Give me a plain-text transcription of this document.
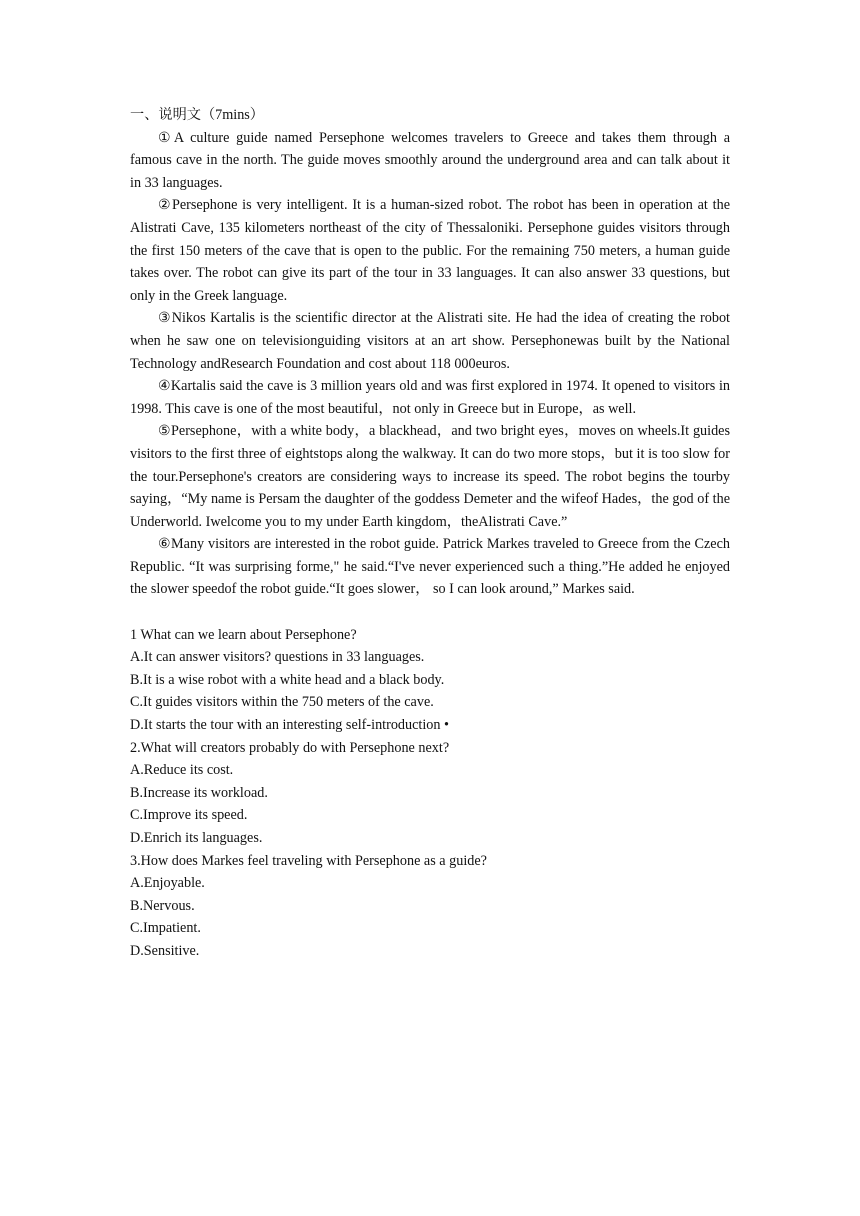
一、说明文（7mins）

①A culture guide named Persephone welcomes travelers to Greece and takes them through a famous cave in the north. The guide moves smoothly around the underground area and can talk about it in 33 languages.

②Persephone is very intelligent. It is a human-sized robot. The robot has been in operation at the Alistrati Cave, 135 kilometers northeast of the city of Thessaloniki. Persephone guides visitors through the first 150 meters of the cave that is open to the public. For the remaining 750 meters, a human guide takes over. The robot can give its part of the tour in 33 languages. It can also answer 33 questions, but only in the Greek language.

③Nikos Kartalis is the scientific director at the Alistrati site. He had the idea of creating the robot when he saw one on televisionguiding visitors at an art show. Persephonewas built by the National Technology andResearch Foundation and cost about 118 000euros.

④Kartalis said the cave is 3 million years old and was first explored in 1974. It opened to visitors in 1998. This cave is one of the most beautiful，not only in Greece but in Europe，as well.

⑤Persephone，with a white body，a blackhead，and two bright eyes，moves on wheels.It guides visitors to the first three of eightstops along the walkway. It can do two more stops，but it is too slow for the tour.Persephone's creators are considering ways to increase its speed. The robot begins the tourby saying，“My name is Persam the daughter of the goddess Demeter and the wifeof Hades，the god of the Underworld. Iwelcome you to my under Earth kingdom，theAlistrati Cave.”

⑥Many visitors are interested in the robot guide. Patrick Markes traveled to Greece from the Czech Republic. “It was surprising forme," he said.“I've never experienced such a thing.”He added he enjoyed the slower speedof the robot guide.“It goes slower， so I can look around,” Markes said.

1 What can we learn about Persephone?

A.It can answer visitors? questions in 33 languages.

B.It is a wise robot with a white head and a black body.

C.It guides visitors within the 750 meters of the cave.

D.It starts the tour with an interesting self-introduction •

2.What will creators probably do with Persephone next?

A.Reduce its cost.

B.Increase its workload.

C.Improve its speed.

D.Enrich its languages.

3.How does Markes feel traveling with Persephone as a guide?

A.Enjoyable.

B.Nervous.

C.Impatient.

D.Sensitive.
